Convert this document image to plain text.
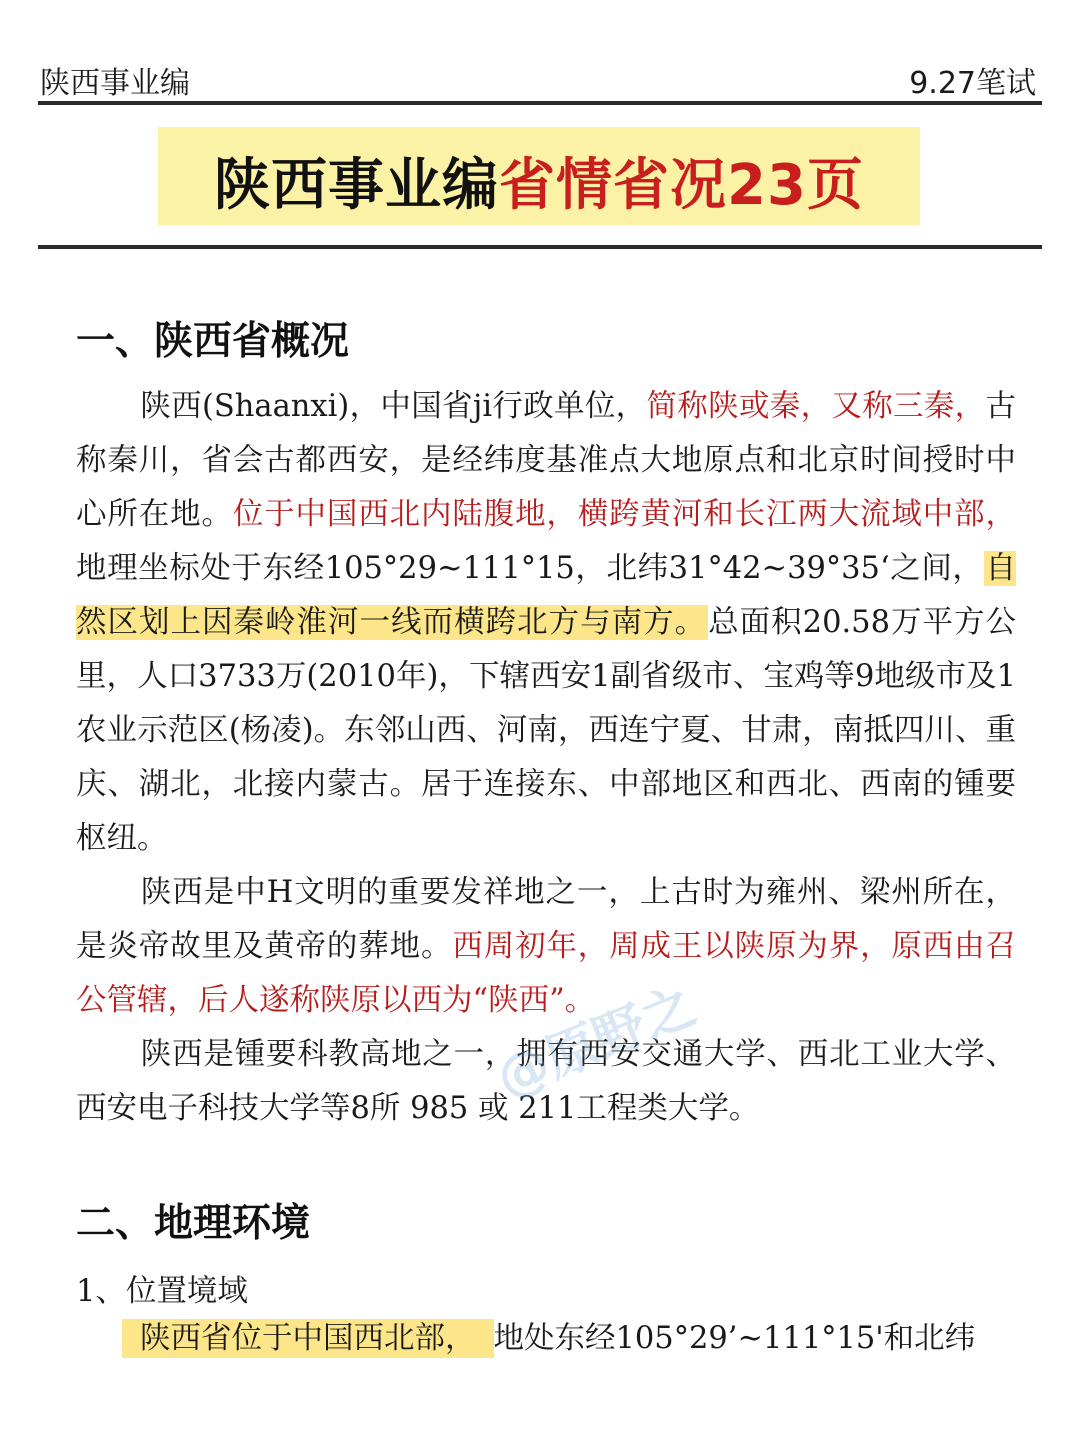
陕西事业编	9.27笔试
陕西事业编省情省况23页
一、陕西省概况
陕西(Shaanxi)，中国省ji行政单位，简称陕或秦，又称三秦，古称秦川，省会古都西安，是经纬度基准点大地原点和北京时间授时中心所在地。位于中国西北内陆腹地，横跨黄河和长江两大流域中部，地理坐标处于东经105°29~111°15，北纬31°42~39°35‘之间，自然区划上因秦岭淮河一线而横跨北方与南方。总面积20.58万平方公里，人口3733万(2010年)，下辖西安1副省级市、宝鸡等9地级市及1农业示范区(杨凌)。东邻山西、河南，西连宁夏、甘肃，南抵四川、重庆、湖北，北接内蒙古。居于连接东、中部地区和西北、西南的锺要枢纽。
陕西是中H文明的重要发祥地之一，上古时为雍州、梁州所在，是炎帝故里及黄帝的葬地。西周初年，周成王以陕原为界，原西由召公管辖，后人遂称陕原以西为“陕西”。
陕西是锺要科教高地之一，拥有西安交通大学、西北工业大学、西安电子科技大学等8所 985 或 211工程类大学。
二、地理环境
1、位置境域
陕西省位于中国西北部， 地处东经105°29’~111°15'和北纬
@原野之
